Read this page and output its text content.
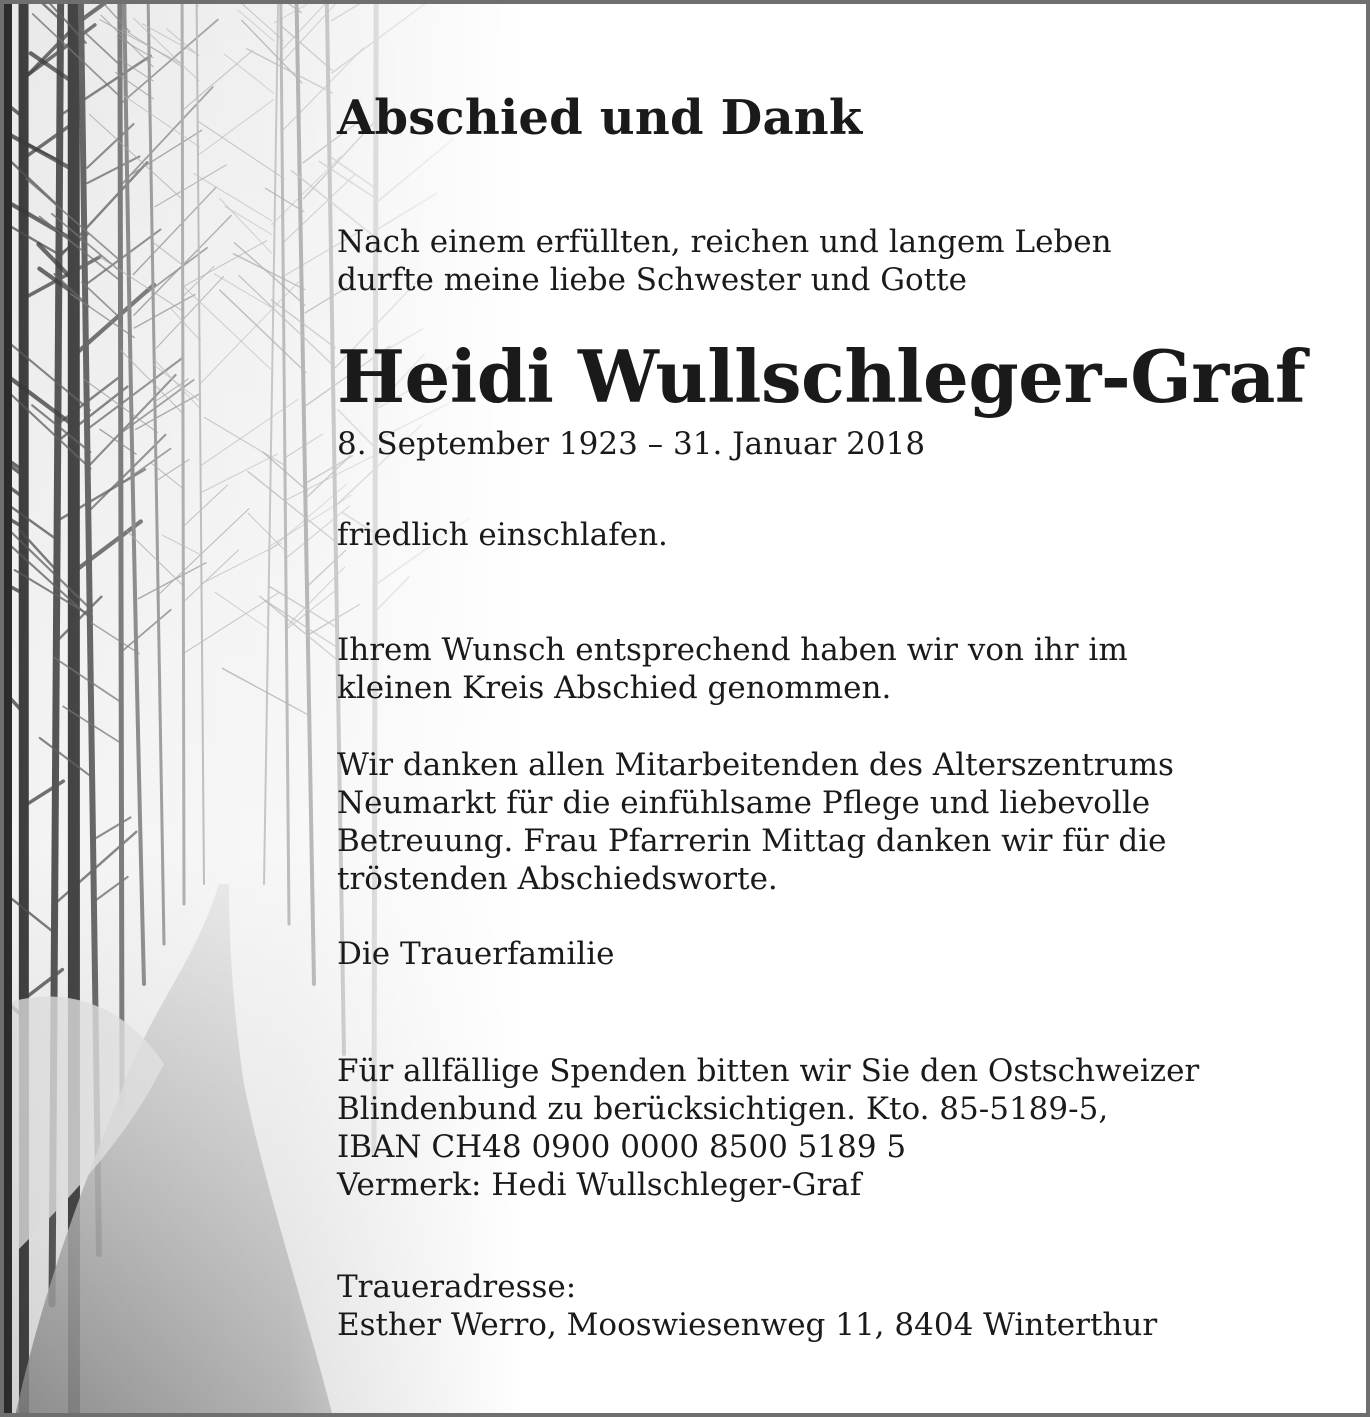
Abschied und Dank
Nach einem erfüllten, reichen und langem Leben
durfte meine liebe Schwester und Gotte
Heidi Wullschleger-Graf
8. September 1923 – 31. Januar 2018
friedlich einschlafen.
Ihrem Wunsch entsprechend haben wir von ihr im
kleinen Kreis Abschied genommen.
Wir danken allen Mitarbeitenden des Alterszentrums
Neumarkt für die einfühlsame Pflege und liebevolle
Betreuung. Frau Pfarrerin Mittag danken wir für die
tröstenden Abschiedsworte.
Die Trauerfamilie
Für allfällige Spenden bitten wir Sie den Ostschweizer
Blindenbund zu berücksichtigen. Kto. 85-5189-5,
IBAN CH48 0900 0000 8500 5189 5
Vermerk: Hedi Wullschleger-Graf
Traueradresse:
Esther Werro, Mooswiesenweg 11, 8404 Winterthur
